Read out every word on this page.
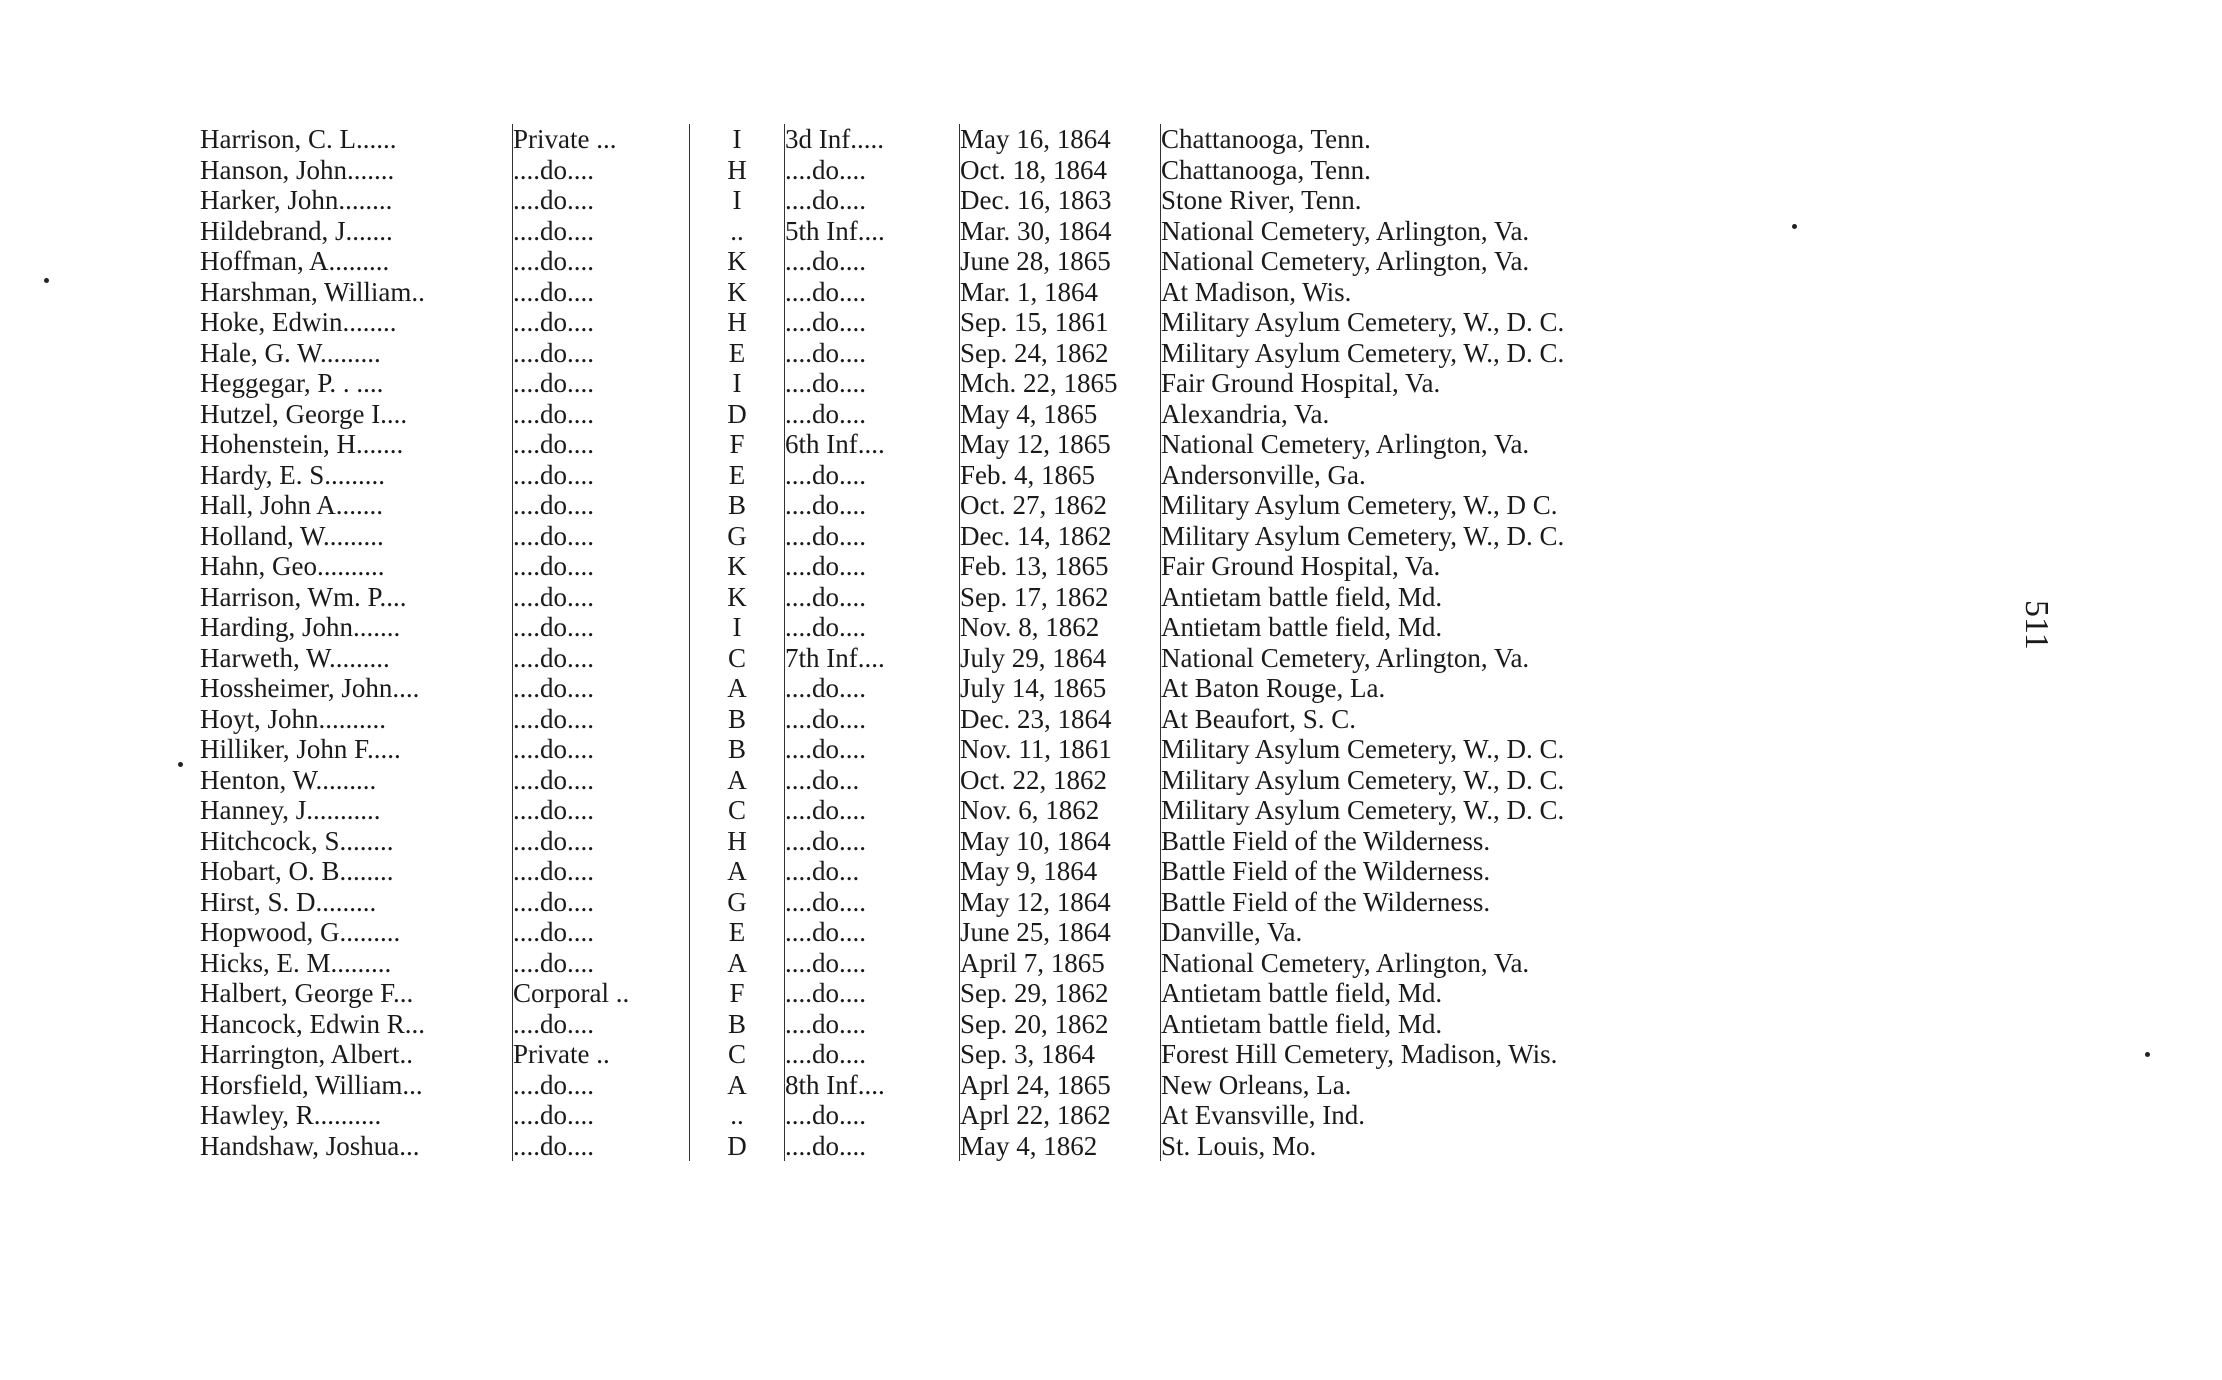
Harrison, C. L......	Private ...	I	3d Inf.....	May 16, 1864	Chattanooga, Tenn.
Hanson, John.......	....do....	H	....do....	Oct. 18, 1864	Chattanooga, Tenn.
Harker, John........	....do....	I	....do....	Dec. 16, 1863	Stone River, Tenn.
Hildebrand, J.......	....do....	..	5th Inf....	Mar. 30, 1864	National Cemetery, Arlington, Va.
Hoffman, A.........	....do....	K	....do....	June 28, 1865	National Cemetery, Arlington, Va.
Harshman, William..	....do....	K	....do....	Mar. 1, 1864	At Madison, Wis.
Hoke, Edwin........	....do....	H	....do....	Sep. 15, 1861	Military Asylum Cemetery, W., D. C.
Hale, G. W.........	....do....	E	....do....	Sep. 24, 1862	Military Asylum Cemetery, W., D. C.
Heggegar, P. . ....	....do....	I	....do....	Mch. 22, 1865	Fair Ground Hospital, Va.
Hutzel, George I....	....do....	D	....do....	May 4, 1865	Alexandria, Va.
Hohenstein, H.......	....do....	F	6th Inf....	May 12, 1865	National Cemetery, Arlington, Va.
Hardy, E. S.........	....do....	E	....do....	Feb. 4, 1865	Andersonville, Ga.
Hall, John A.......	....do....	B	....do....	Oct. 27, 1862	Military Asylum Cemetery, W., D C.
Holland, W.........	....do....	G	....do....	Dec. 14, 1862	Military Asylum Cemetery, W., D. C.
Hahn, Geo..........	....do....	K	....do....	Feb. 13, 1865	Fair Ground Hospital, Va.
Harrison, Wm. P....	....do....	K	....do....	Sep. 17, 1862	Antietam battle field, Md.
Harding, John.......	....do....	I	....do....	Nov. 8, 1862	Antietam battle field, Md.
Harweth, W.........	....do....	C	7th Inf....	July 29, 1864	National Cemetery, Arlington, Va.
Hossheimer, John....	....do....	A	....do....	July 14, 1865	At Baton Rouge, La.
Hoyt, John..........	....do....	B	....do....	Dec. 23, 1864	At Beaufort, S. C.
Hilliker, John F.....	....do....	B	....do....	Nov. 11, 1861	Military Asylum Cemetery, W., D. C.
Henton, W.........	....do....	A	....do...	Oct. 22, 1862	Military Asylum Cemetery, W., D. C.
Hanney, J...........	....do....	C	....do....	Nov. 6, 1862	Military Asylum Cemetery, W., D. C.
Hitchcock, S........	....do....	H	....do....	May 10, 1864	Battle Field of the Wilderness.
Hobart, O. B........	....do....	A	....do...	May 9, 1864	Battle Field of the Wilderness.
Hirst, S. D.........	....do....	G	....do....	May 12, 1864	Battle Field of the Wilderness.
Hopwood, G.........	....do....	E	....do....	June 25, 1864	Danville, Va.
Hicks, E. M.........	....do....	A	....do....	April 7, 1865	National Cemetery, Arlington, Va.
Halbert, George F...	Corporal ..	F	....do....	Sep. 29, 1862	Antietam battle field, Md.
Hancock, Edwin R...	....do....	B	....do....	Sep. 20, 1862	Antietam battle field, Md.
Harrington, Albert..	Private ..	C	....do....	Sep. 3, 1864	Forest Hill Cemetery, Madison, Wis.
Horsfield, William...	....do....	A	8th Inf....	Aprl 24, 1865	New Orleans, La.
Hawley, R..........	....do....	..	....do....	Aprl 22, 1862	At Evansville, Ind.
Handshaw, Joshua...	....do....	D	....do....	May 4, 1862	St. Louis, Mo.
511
